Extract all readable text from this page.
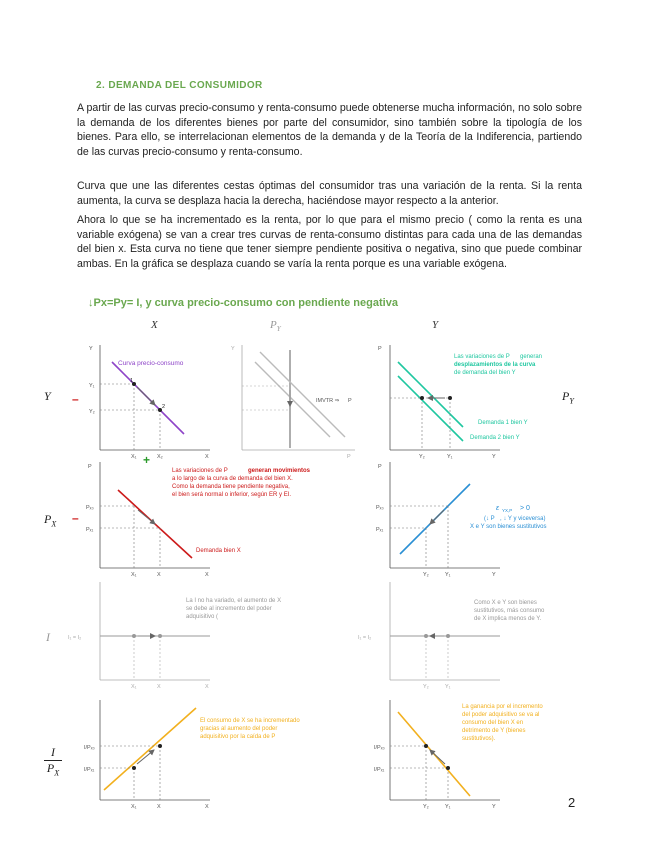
2. DEMANDA DEL CONSUMIDOR

A partir de las curvas precio-consumo y renta-consumo puede obtenerse mucha información, no solo sobre la demanda de los diferentes bienes por parte del consumidor, sino también sobre la tipología de los bienes. Para ello, se interrelacionan elementos de la demanda y de la Teoría de la Indiferencia, partiendo de las curvas precio-consumo y renta-consumo.

Curva que une las diferentes cestas óptimas del consumidor tras una variación de la renta. Si la renta aumenta, la curva se desplaza hacia la derecha, haciéndose mayor respecto a la anterior.

Ahora lo que se ha incrementado es la renta, por lo que para el mismo precio ( como la renta es una variable exógena) se van a crear tres curvas de renta-consumo distintas para cada una de las demandas del bien x. Esta curva no tiene que tener siempre pendiente positiva o negativa, sino que puede combinar ambas. En la gráfica se desplaza cuando se varía la renta porque es una variable exógena.

↓Px=Py= I, y curva precio-consumo con pendiente negativa
X	$P_Y$	Y
Y
$P_X$
I
I
$P_X$
$P_Y$
–
–
+
Curva precio-consumo
Y
Y₁
Y₂
X₁	X₂	X
1
2
IMVTR ⇒ P
Y
P
Las variaciones de P generan
desplazamientos de la curva
de demanda del bien Y
Demanda 1 bien Y
Demanda 2 bien Y
P
Y₂	Y₁	Y
Las variaciones de P	generan movimientos
a lo largo de la curva de demanda del bien X.
Como la demanda tiene pendiente negativa,
el bien será normal o inferior, según ER y EI.
Demanda bien X
P
Pₓ₀
Pₓ₁
X₁	X	X
ε YX,P > 0
(↓ P , ↓ Y y viceversa)
X e Y son bienes sustitutivos
P
Pₓ₀
Pₓ₁
Y₂	Y₁	Y
La I no ha variado, el aumento de X
se debe al incremento del poder
adquisitivo (
I₁ = I₂
X₁	X	X
Como X e Y son bienes
sustitutivos, más consumo
de X implica menos de Y.
I₁ = I₂
Y₂	Y₁
El consumo de X se ha incrementado
gracias al aumento del poder
adquisitivo por la caída de P
I/Pₓ₀
I/Pₓ₁
X₁	X	X
La ganancia por el incremento
del poder adquisitivo se va al
consumo del bien X en
detrimento de Y (bienes
sustitutivos).
I/Pₓ₀
I/Pₓ₁
Y₂	Y₁	Y	2
